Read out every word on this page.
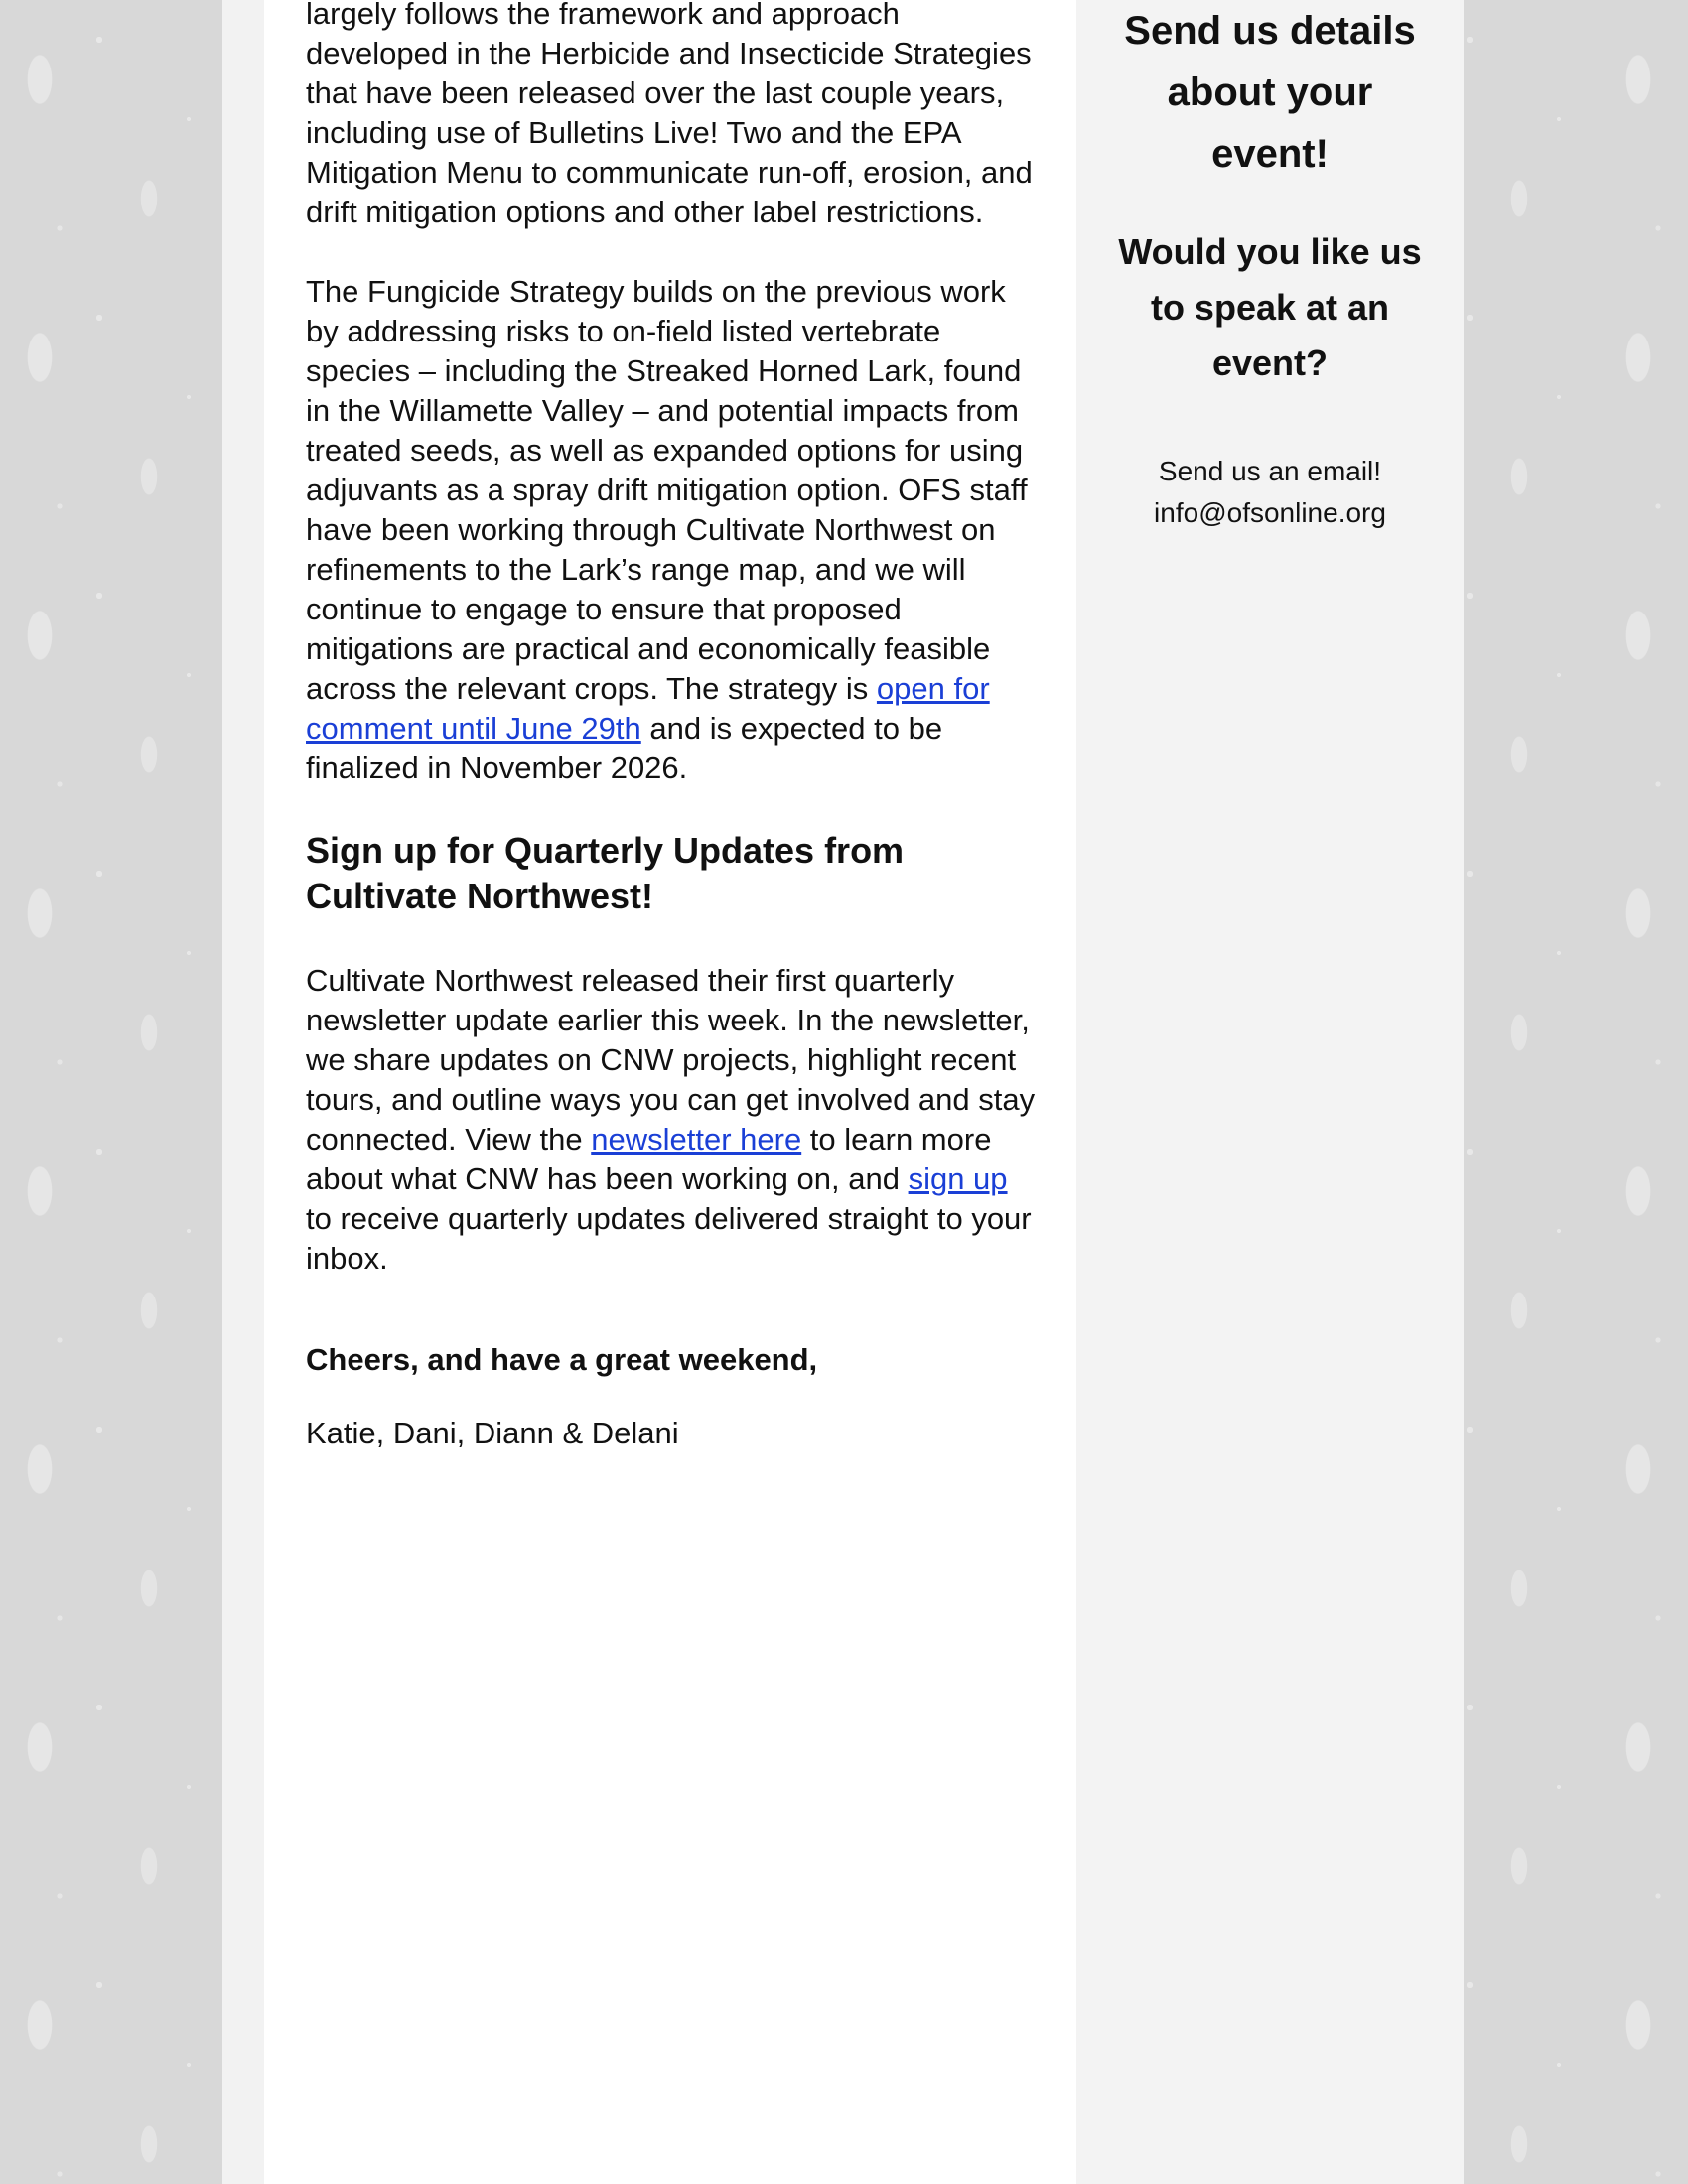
largely follows the framework and approach developed in the Herbicide and Insecticide Strategies that have been released over the last couple years, including use of Bulletins Live! Two and the EPA Mitigation Menu to communicate run-off, erosion, and drift mitigation options and other label restrictions.

The Fungicide Strategy builds on the previous work by addressing risks to on-field listed vertebrate species – including the Streaked Horned Lark, found in the Willamette Valley – and potential impacts from treated seeds, as well as expanded options for using adjuvants as a spray drift mitigation option. OFS staff have been working through Cultivate Northwest on refinements to the Lark’s range map, and we will continue to engage to ensure that proposed mitigations are practical and economically feasible across the relevant crops. The strategy is open for comment until June 29th and is expected to be finalized in November 2026.

Sign up for Quarterly Updates from Cultivate Northwest!

Cultivate Northwest released their first quarterly newsletter update earlier this week. In the newsletter, we share updates on CNW projects, highlight recent tours, and outline ways you can get involved and stay connected. View the newsletter here to learn more about what CNW has been working on, and sign up to receive quarterly updates delivered straight to your inbox.

Cheers, and have a great weekend,

Katie, Dani, Diann & Delani

Send us details about your event!

Would you like us to speak at an event?

Send us an email!

info@ofsonline.org
